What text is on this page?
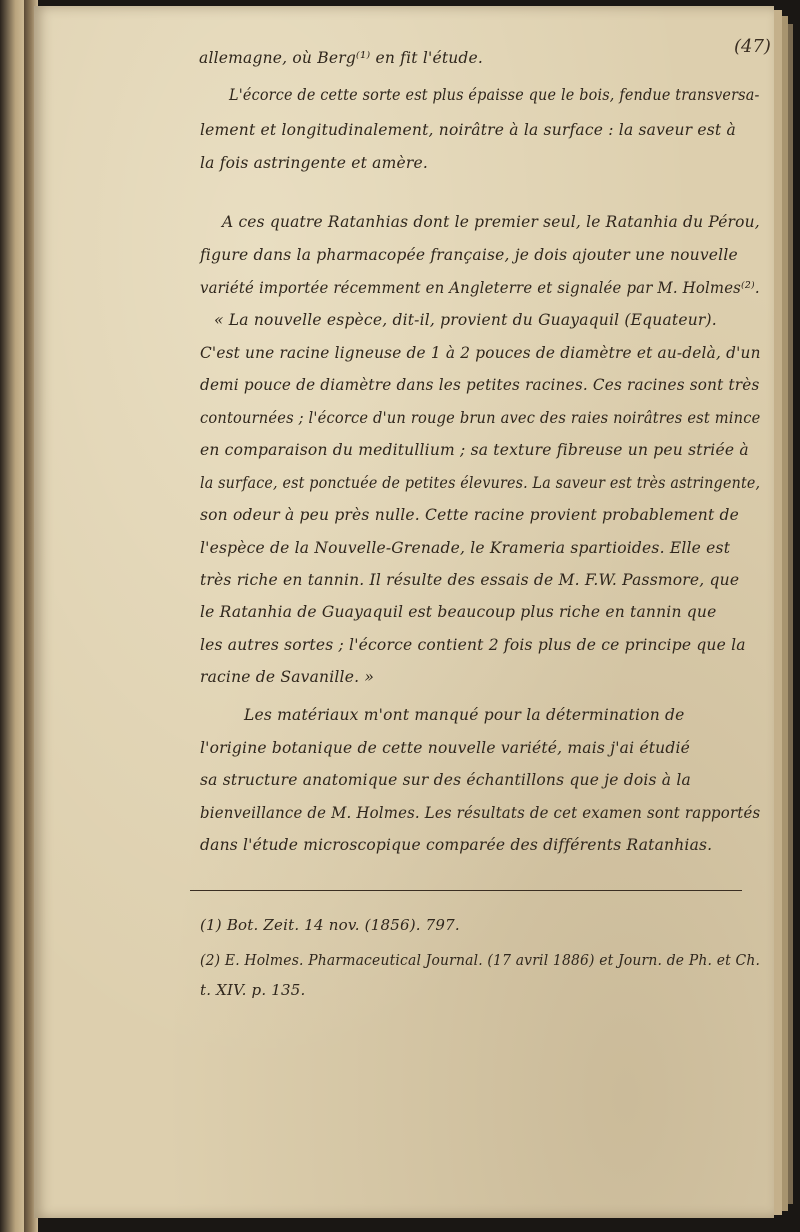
(47)
allemagne, où Berg⁽¹⁾ en fit l'étude.
L'écorce de cette sorte est plus épaisse que le bois, fendue transversa-
lement et longitudinalement, noirâtre à la surface : la saveur est à
la fois astringente et amère.
A ces quatre Ratanhias dont le premier seul, le Ratanhia du Pérou,
figure dans la pharmacopée française, je dois ajouter une nouvelle
variété importée récemment en Angleterre et signalée par M. Holmes⁽²⁾.
« La nouvelle espèce, dit-il, provient du Guayaquil (Equateur).
C'est une racine ligneuse de 1 à 2 pouces de diamètre et au-delà, d'un
demi pouce de diamètre dans les petites racines. Ces racines sont très
contournées ; l'écorce d'un rouge brun avec des raies noirâtres est mince
en comparaison du meditullium ; sa texture fibreuse un peu striée à
la surface, est ponctuée de petites élevures. La saveur est très astringente,
son odeur à peu près nulle. Cette racine provient probablement de
l'espèce de la Nouvelle-Grenade, le Krameria spartioides. Elle est
très riche en tannin. Il résulte des essais de M. F.W. Passmore, que
le Ratanhia de Guayaquil est beaucoup plus riche en tannin que
les autres sortes ; l'écorce contient 2 fois plus de ce principe que la
racine de Savanille. »
Les matériaux m'ont manqué pour la détermination de
l'origine botanique de cette nouvelle variété, mais j'ai étudié
sa structure anatomique sur des échantillons que je dois à la
bienveillance de M. Holmes. Les résultats de cet examen sont rapportés
dans l'étude microscopique comparée des différents Ratanhias.
(1) Bot. Zeit. 14 nov. (1856). 797.
(2) E. Holmes. Pharmaceutical Journal. (17 avril 1886) et Journ. de Ph. et Ch.
t. XIV. p. 135.
